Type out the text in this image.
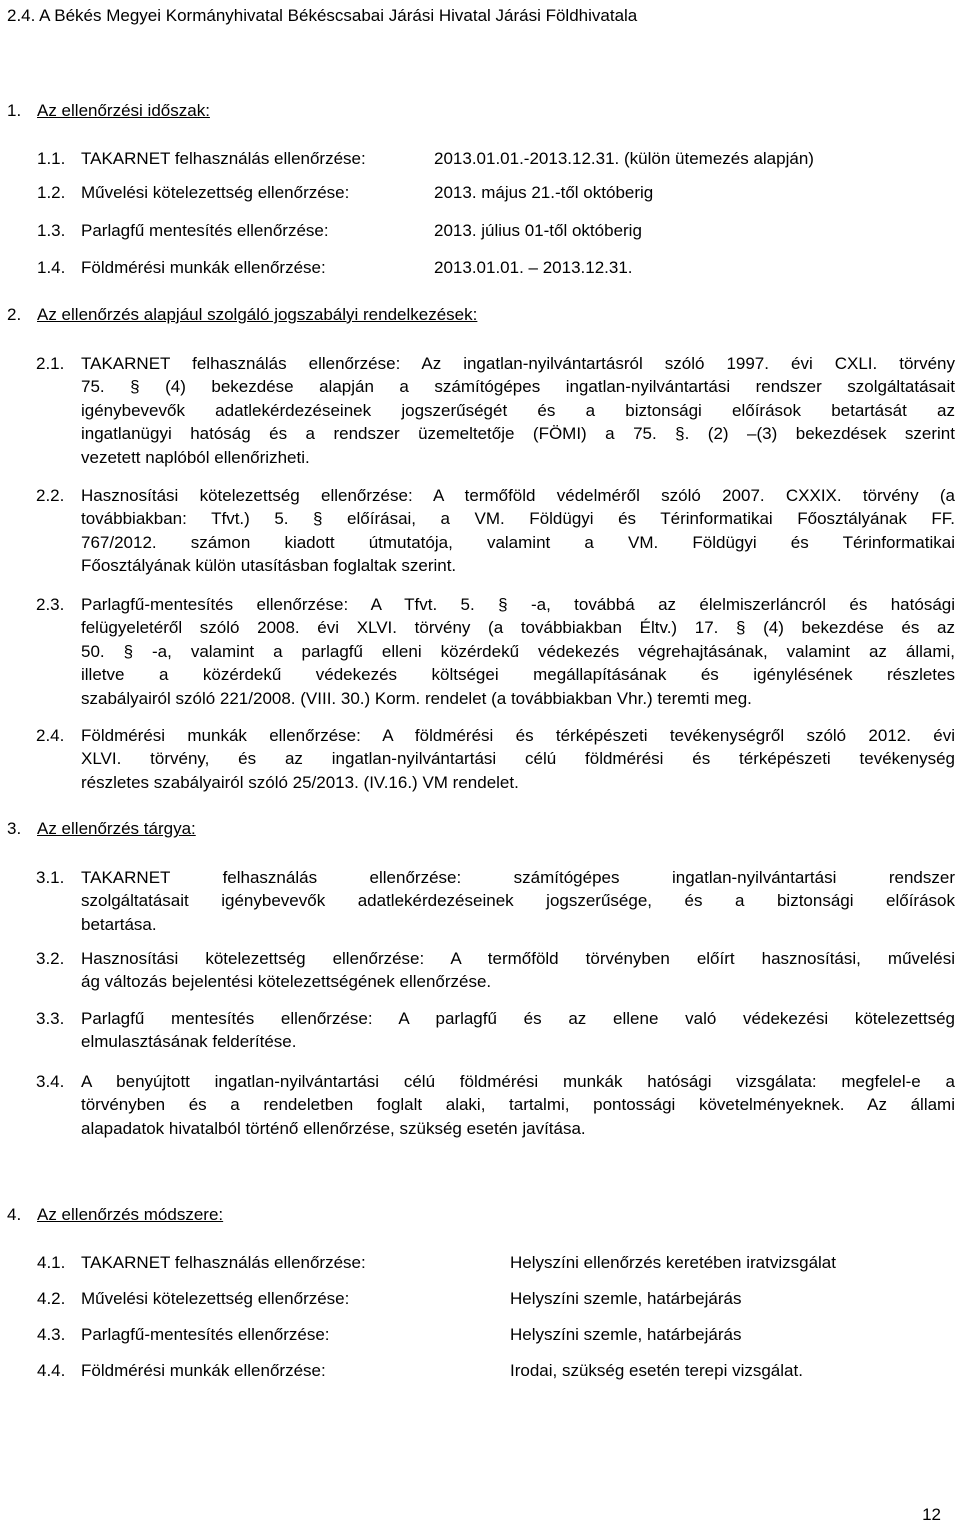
2.4. A Békés Megyei Kormányhivatal Békéscsabai Járási Hivatal Járási Földhivatala
1. Az ellenőrzési időszak:
1.1. TAKARNET felhasználás ellenőrzése:	2013.01.01.-2013.12.31. (külön ütemezés alapján)
1.2. Művelési kötelezettség ellenőrzése:	2013. május 21.-től októberig
1.3. Parlagfű mentesítés ellenőrzése:	2013. július 01-től októberig
1.4. Földmérési munkák ellenőrzése:	2013.01.01. – 2013.12.31.
2. Az ellenőrzés alapjául szolgáló jogszabályi rendelkezések:
2.1. TAKARNET felhasználás ellenőrzése: Az ingatlan-nyilvántartásról szóló 1997. évi CXLI. törvény
75. § (4) bekezdése alapján a számítógépes ingatlan-nyilvántartási rendszer szolgáltatásait
igénybevevők adatlekérdezéseinek jogszerűségét és a biztonsági előírások betartását az
ingatlanügyi hatóság és a rendszer üzemeltetője (FÖMI) a 75. §. (2) –(3) bekezdések szerint
vezetett naplóból ellenőrizheti.
2.2. Hasznosítási kötelezettség ellenőrzése: A termőföld védelméről szóló 2007. CXXIX. törvény (a
továbbiakban: Tfvt.) 5. § előírásai, a VM. Földügyi és Térinformatikai Főosztályának FF.
767/2012. számon kiadott útmutatója, valamint a VM. Földügyi és Térinformatikai
Főosztályának külön utasításban foglaltak szerint.
2.3. Parlagfű-mentesítés ellenőrzése: A Tfvt. 5. § -a, továbbá az élelmiszerláncról és hatósági
felügyeletéről szóló 2008. évi XLVI. törvény (a továbbiakban Éltv.) 17. § (4) bekezdése és az
50. § -a, valamint a parlagfű elleni közérdekű védekezés végrehajtásának, valamint az állami,
illetve a közérdekű védekezés költségei megállapításának és igénylésének részletes
szabályairól szóló 221/2008. (VIII. 30.) Korm. rendelet (a továbbiakban Vhr.) teremti meg.
2.4. Földmérési munkák ellenőrzése: A földmérési és térképészeti tevékenységről szóló 2012. évi
XLVI. törvény, és az ingatlan-nyilvántartási célú földmérési és térképészeti tevékenység
részletes szabályairól szóló 25/2013. (IV.16.) VM rendelet.
3. Az ellenőrzés tárgya:
3.1. TAKARNET felhasználás ellenőrzése: számítógépes ingatlan-nyilvántartási rendszer
szolgáltatásait igénybevevők adatlekérdezéseinek jogszerűsége, és a biztonsági előírások
betartása.
3.2. Hasznosítási kötelezettség ellenőrzése: A termőföld törvényben előírt hasznosítási, művelési
ág változás bejelentési kötelezettségének ellenőrzése.
3.3. Parlagfű mentesítés ellenőrzése: A parlagfű és az ellene való védekezési kötelezettség
elmulasztásának felderítése.
3.4. A benyújtott ingatlan-nyilvántartási célú földmérési munkák hatósági vizsgálata: megfelel-e a
törvényben és a rendeletben foglalt alaki, tartalmi, pontossági követelményeknek. Az állami
alapadatok hivatalból történő ellenőrzése, szükség esetén javítása.
4. Az ellenőrzés módszere:
4.1. TAKARNET felhasználás ellenőrzése:	Helyszíni ellenőrzés keretében iratvizsgálat
4.2. Művelési kötelezettség ellenőrzése:	Helyszíni szemle, határbejárás
4.3. Parlagfű-mentesítés ellenőrzése:	Helyszíni szemle, határbejárás
4.4. Földmérési munkák ellenőrzése:	Irodai, szükség esetén terepi vizsgálat.
12
